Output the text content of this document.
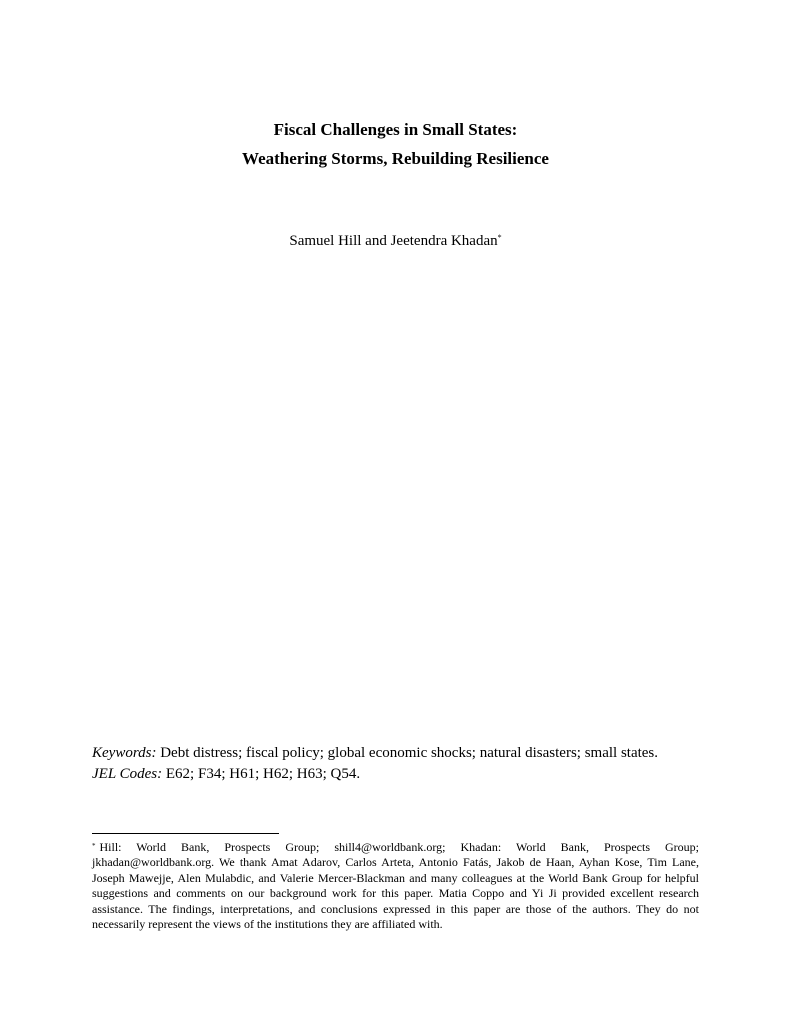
Fiscal Challenges in Small States:
Weathering Storms, Rebuilding Resilience
Samuel Hill and Jeetendra Khadan*
Keywords: Debt distress; fiscal policy; global economic shocks; natural disasters; small states.
JEL Codes: E62; F34; H61; H62; H63; Q54.

* Hill: World Bank, Prospects Group; shill4@worldbank.org; Khadan: World Bank, Prospects Group; jkhadan@worldbank.org. We thank Amat Adarov, Carlos Arteta, Antonio Fatás, Jakob de Haan, Ayhan Kose, Tim Lane, Joseph Mawejje, Alen Mulabdic, and Valerie Mercer-Blackman and many colleagues at the World Bank Group for helpful suggestions and comments on our background work for this paper. Matia Coppo and Yi Ji provided excellent research assistance. The findings, interpretations, and conclusions expressed in this paper are those of the authors. They do not necessarily represent the views of the institutions they are affiliated with.
